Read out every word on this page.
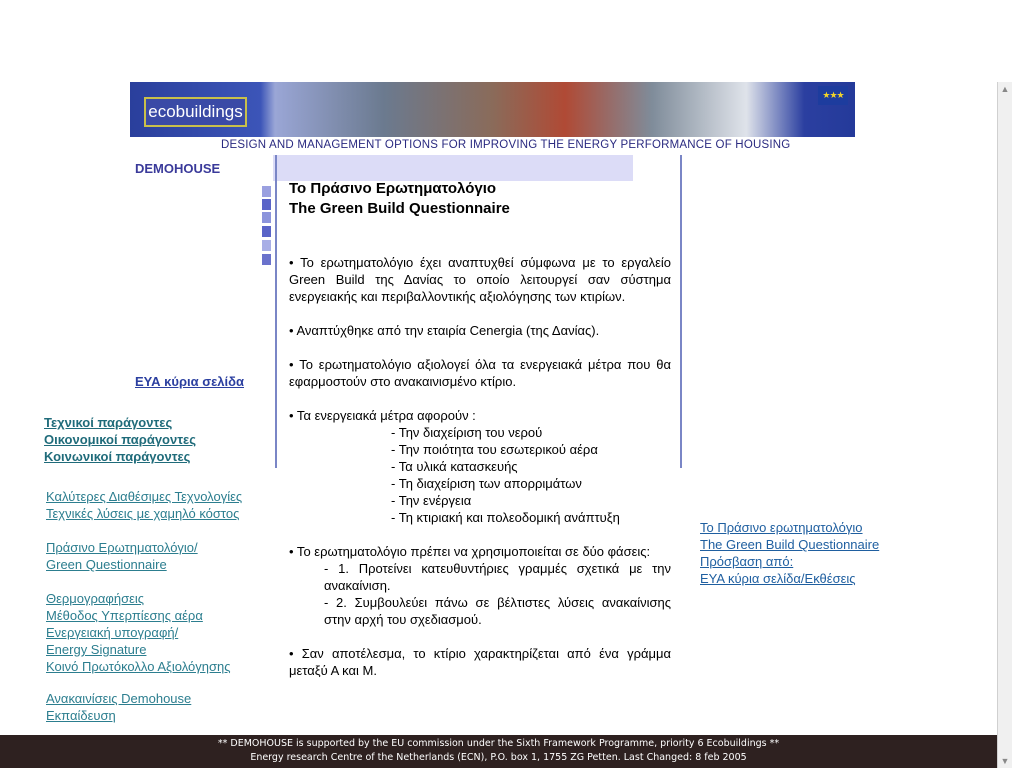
ecobuildings
★★★
DESIGN AND MANAGEMENT OPTIONS FOR IMPROVING THE ENERGY PERFORMANCE OF HOUSING
DEMOHOUSE
ΕΥΑ κύρια σελίδα
Τεχνικοί παράγοντες
Οικονομικοί παράγοντες
Κοινωνικοί παράγοντες
Καλύτερες Διαθέσιμες Τεχνολογίες
Τεχνικές λύσεις με χαμηλό κόστος
Πράσινο Ερωτηματολόγιο/
Green Questionnaire
Θερμογραφήσεις
Μέθοδος Υπερπίεσης αέρα
Ενεργειακή υπογραφή/
Energy Signature
Κοινό Πρωτόκολλο Αξιολόγησης
Ανακαινίσεις Demohouse
Εκπαίδευση
Το Πράσινο Ερωτηματολόγιο
The Green Build Questionnaire

• Το ερωτηματολόγιο έχει αναπτυχθεί σύμφωνα με το εργαλείο Green Build της Δανίας το οποίο λειτουργεί σαν σύστημα ενεργειακής και περιβαλλοντικής αξιολόγησης των κτιρίων.

• Αναπτύχθηκε από την εταιρία Cenergia (της Δανίας).

• Το ερωτηματολόγιο αξιολογεί όλα τα ενεργειακά μέτρα που θα εφαρμοστούν στο ανακαινισμένο κτίριο.

• Τα ενεργειακά μέτρα αφορούν :

- Την διαχείριση του νερού
- Την ποιότητα του εσωτερικού αέρα
- Τα υλικά κατασκευής
- Τη διαχείριση των απορριμάτων
- Την ενέργεια
- Τη κτιριακή και πολεοδομική ανάπτυξη

• Το ερωτηματολόγιο πρέπει να χρησιμοποιείται σε δύο φάσεις:

- 1. Προτείνει κατευθυντήριες γραμμές σχετικά με την ανακαίνιση.

- 2. Συμβουλεύει πάνω σε βέλτιστες λύσεις ανακαίνισης στην αρχή του σχεδιασμού.

• Σαν αποτέλεσμα, το κτίριο χαρακτηρίζεται από ένα γράμμα μεταξύ Α και Μ.

Το Πράσινο ερωτηματολόγιο
The Green Build Questionnaire
Πρόσβαση από:
ΕΥΑ κύρια σελίδα/Εκθέσεις
** DEMOHOUSE is supported by the EU commission under the Sixth Framework Programme, priority 6 Ecobuildings **
Energy research Centre of the Netherlands (ECN), P.O. box 1, 1755 ZG Petten. Last Changed: 8 feb 2005
▲
▼
